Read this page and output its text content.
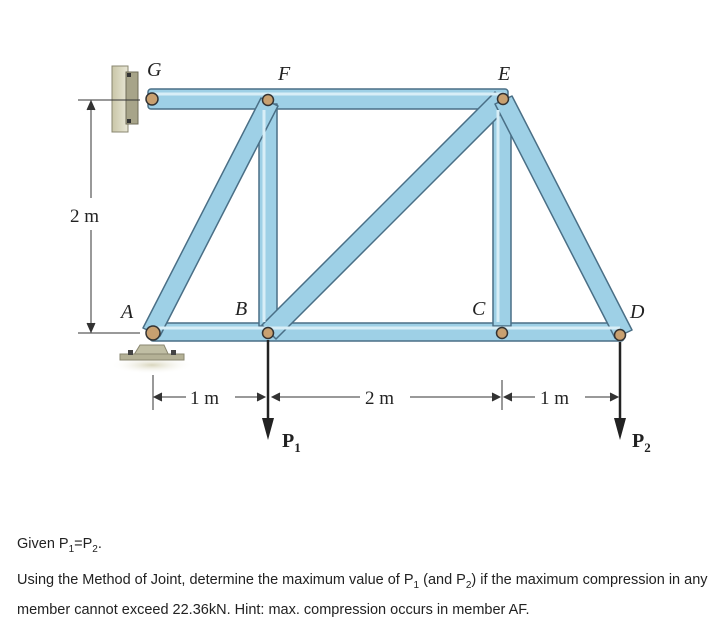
2 m
G	F	E
A	B	C	D
1 m	2 m	1 m
$P_1$	$P_2$

Given $P_1=P_2$.

Using the Method of Joint, determine the maximum value of $P_1$ (and $P_2$) if the maximum compression in any member cannot exceed 22.36kN. Hint: max. compression occurs in member AF.
